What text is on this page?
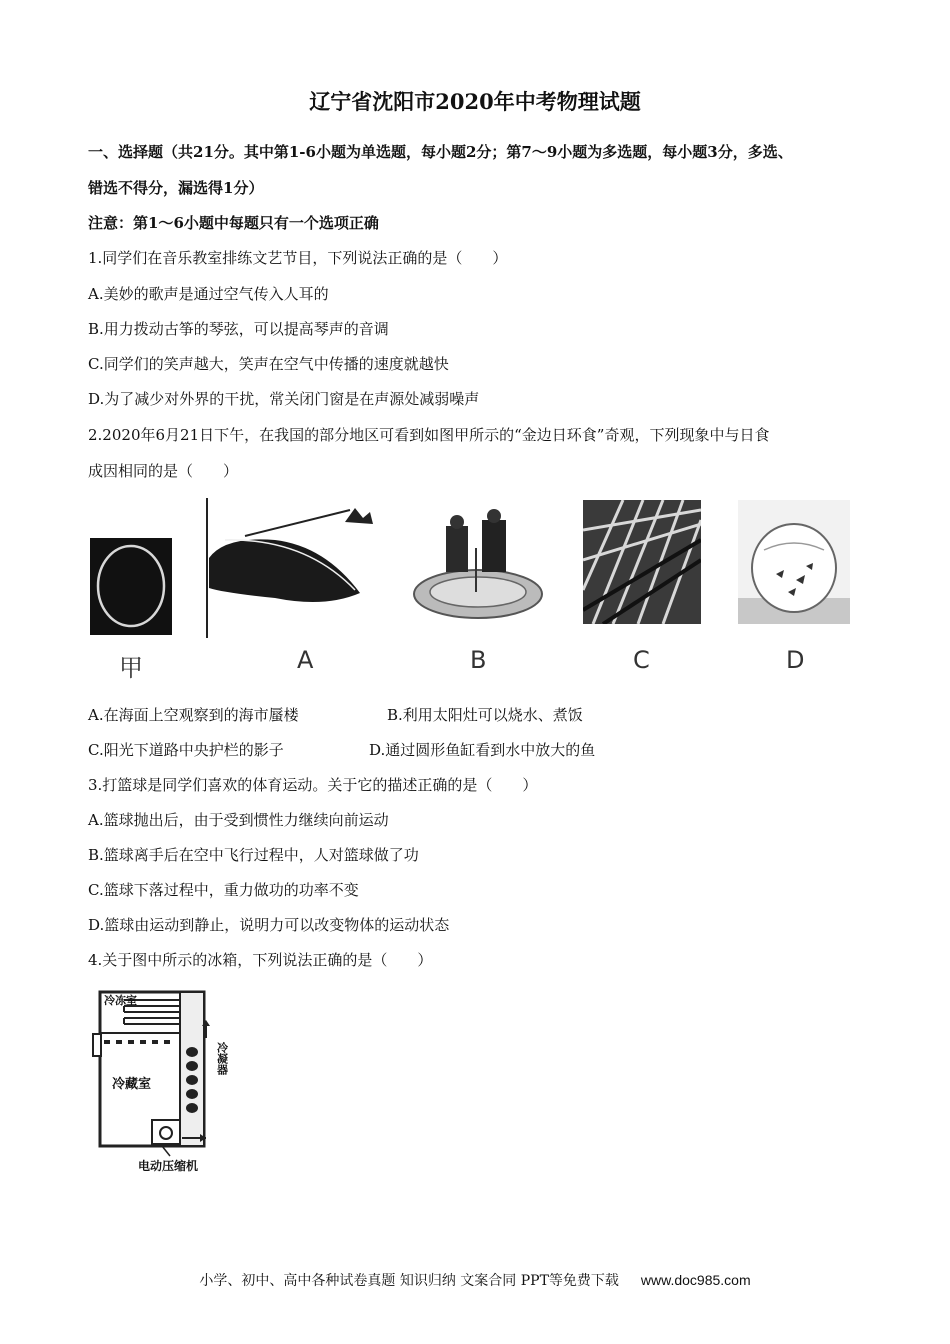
辽宁省沈阳市2020年中考物理试题
一、选择题（共21分。其中第1-6小题为单选题，每小题2分；第7～9小题为多选题，每小题3分，多选、
错选不得分，漏选得1分）
注意：第1～6小题中每题只有一个选项正确
1.同学们在音乐教室排练文艺节目，下列说法正确的是（　　）
A.美妙的歌声是通过空气传入人耳的
B.用力拨动古筝的琴弦，可以提高琴声的音调
C.同学们的笑声越大，笑声在空气中传播的速度就越快
D.为了减少对外界的干扰，常关闭门窗是在声源处减弱噪声
2.2020年6月21日下午，在我国的部分地区可看到如图甲所示的“金边日环食”奇观，下列现象中与日食
成因相同的是（　　）
甲	A	B	C	D
A.在海面上空观察到的海市蜃楼	B.利用太阳灶可以烧水、煮饭
C.阳光下道路中央护栏的影子	D.通过圆形鱼缸看到水中放大的鱼
3.打篮球是同学们喜欢的体育运动。关于它的描述正确的是（　　）
A.篮球抛出后，由于受到惯性力继续向前运动
B.篮球离手后在空中飞行过程中，人对篮球做了功
C.篮球下落过程中，重力做功的功率不变
D.篮球由运动到静止，说明力可以改变物体的运动状态
4.关于图中所示的冰箱，下列说法正确的是（　　）
冷冻室
冷藏室
冷凝器
电动压缩机
小学、初中、高中各种试卷真题 知识归纳 文案合同 PPT等免费下载 www.doc985.com
